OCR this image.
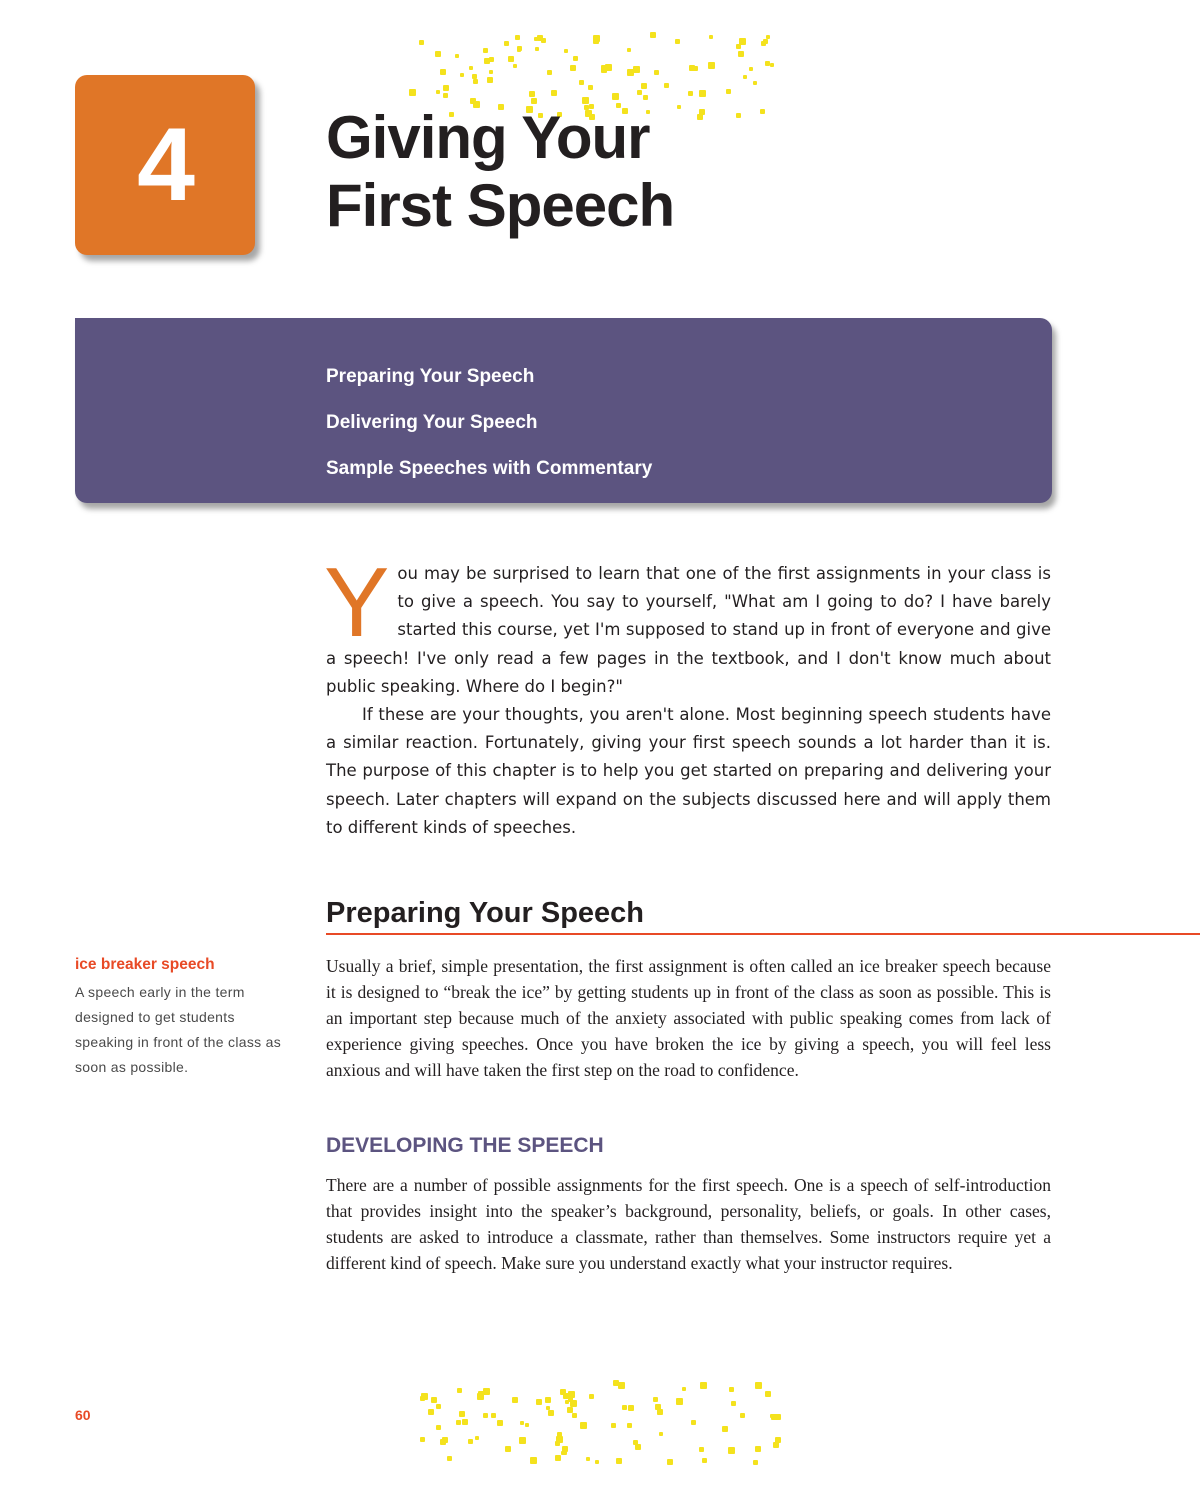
4	Giving Your
First Speech
Preparing Your Speech
Delivering Your Speech
Sample Speeches with Commentary

You may be surprised to learn that one of the first assignments in your class is to give a speech. You say to yourself, "What am I going to do? I have barely started this course, yet I'm supposed to stand up in front of everyone and give a speech! I've only read a few pages in the textbook, and I don't know much about public speaking. Where do I begin?"

If these are your thoughts, you aren't alone. Most beginning speech students have a similar reaction. Fortunately, giving your first speech sounds a lot harder than it is. The purpose of this chapter is to help you get started on preparing and delivering your speech. Later chapters will expand on the subjects discussed here and will apply them to different kinds of speeches.

Preparing Your Speech

ice breaker speech

A speech early in the term designed to get students speaking in front of the class as soon as possible.

Usually a brief, simple presentation, the first assignment is often called an ice breaker speech because it is designed to “break the ice” by getting students up in front of the class as soon as possible. This is an important step because much of the anxiety associated with public speaking comes from lack of experience giving speeches. Once you have broken the ice by giving a speech, you will feel less anxious and will have taken the first step on the road to confidence.

DEVELOPING THE SPEECH

There are a number of possible assignments for the first speech. One is a speech of self-introduction that provides insight into the speaker’s background, personality, beliefs, or goals. In other cases, students are asked to introduce a classmate, rather than themselves. Some instructors require yet a different kind of speech. Make sure you understand exactly what your instructor requires.

60
